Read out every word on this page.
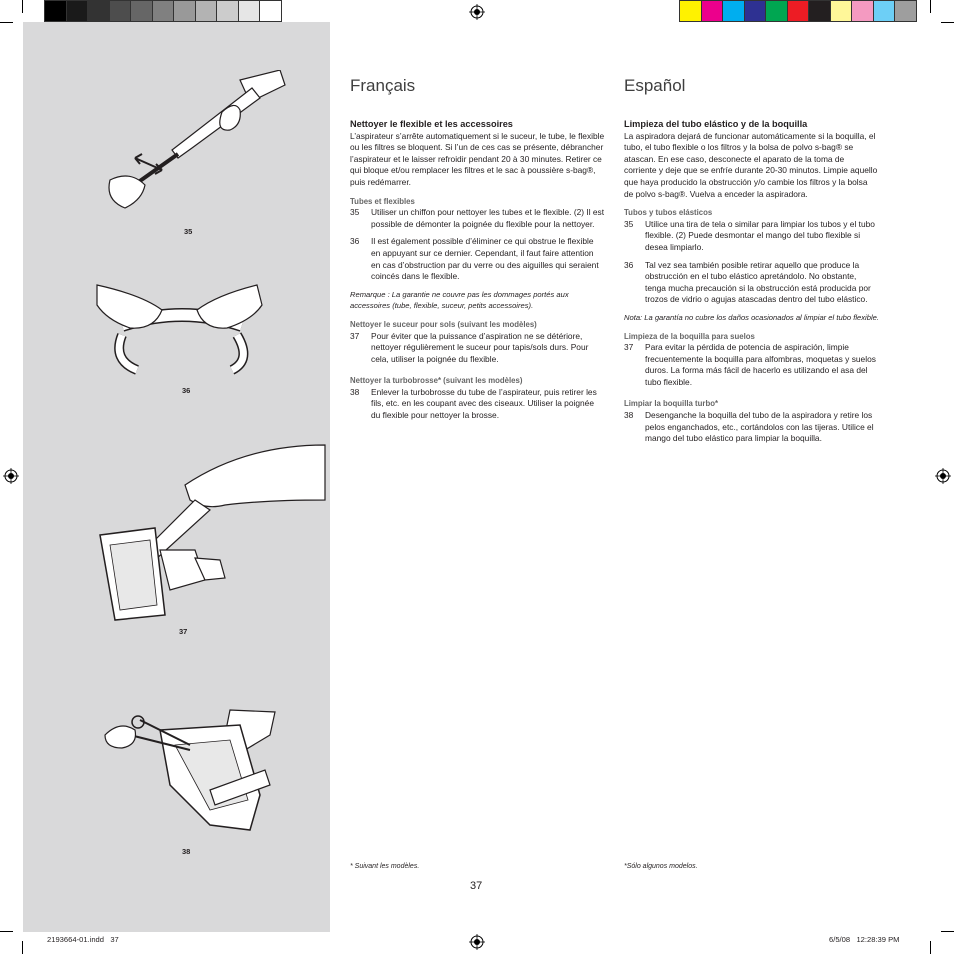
35
36
37
38
Français

Nettoyer le flexible et les accessoires

L’aspirateur s’arrête automatiquement si le suceur, le tube, le flexible ou les filtres se bloquent. Si l’un de ces cas se présente, débrancher l’aspirateur et le laisser refroidir pendant 20 à 30 minutes. Retirer ce qui bloque et/ou remplacer les filtres et le sac à poussière s-bag®, puis redémarrer.

Tubes et flexibles

35	Utiliser un chiffon pour nettoyer les tubes et le flexible. (2) Il est possible de démonter la poignée du flexible pour la nettoyer.
36	Il est également possible d’éliminer ce qui obstrue le flexible en appuyant sur ce dernier. Cependant, il faut faire attention en cas d’obstruction par du verre ou des aiguilles qui seraient coincés dans le flexible.

Remarque : La garantie ne couvre pas les dommages portés aux accessoires (tube, flexible, suceur, petits accessoires).

Nettoyer le suceur pour sols (suivant les modèles)

37	Pour éviter que la puissance d’aspiration ne se détériore, nettoyer régulièrement le suceur pour tapis/sols durs. Pour cela, utiliser la poignée du flexible.

Nettoyer la turbobrosse* (suivant les modèles)

38	Enlever la turbobrosse du tube de l’aspirateur, puis retirer les fils, etc. en les coupant avec des ciseaux. Utiliser la poignée du flexible pour nettoyer la brosse.
* Suivant les modèles.
Español

Limpieza del tubo elástico y de la boquilla

La aspiradora dejará de funcionar automáticamente si la boquilla, el tubo, el tubo flexible o los filtros y la bolsa de polvo s-bag® se atascan. En ese caso, desconecte el aparato de la toma de corriente y deje que se enfríe durante 20-30 minutos. Limpie aquello que haya producido la obstrucción y/o cambie los filtros y la bolsa de polvo s-bag®. Vuelva a enceder la aspiradora.

Tubos y tubos elásticos

35	Utilice una tira de tela o similar para limpiar los tubos y el tubo flexible. (2) Puede desmontar el mango del tubo flexible si desea limpiarlo.
36	Tal vez sea también posible retirar aquello que produce la obstrucción en el tubo elástico apretándolo. No obstante, tenga mucha precaución si la obstrucción está producida por trozos de vidrio o agujas atascadas dentro del tubo elástico.

Nota: La garantía no cubre los daños ocasionados al limpiar el tubo flexible.

Limpieza de la boquilla para suelos

37	Para evitar la pérdida de potencia de aspiración, limpie frecuentemente la boquilla para alfombras, moquetas y suelos duros. La forma más fácil de hacerlo es utilizando el asa del tubo flexible.

Limpiar la boquilla turbo*

38	Desenganche la boquilla del tubo de la aspiradora y retire los pelos enganchados, etc., cortándolos con las tijeras. Utilice el mango del tubo elástico para limpiar la boquilla.
*Sólo algunos modelos.
37
2193664-01.indd   37	6/5/08   12:28:39 PM
